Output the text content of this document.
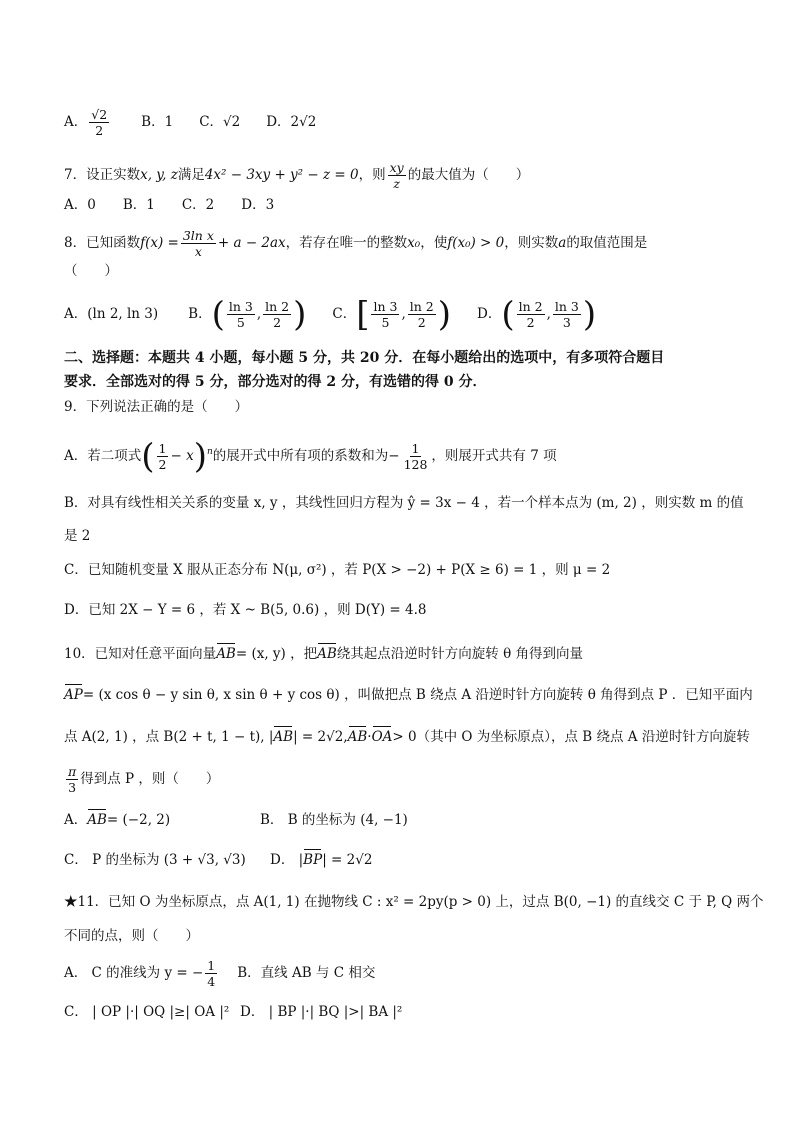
A． $\frac{√2}{2}$ B．1 C．√2 D．2√2
7．设正实数x, y, z满足4x² − 3xy + y² − z = 0，则 $\frac{xy}{z}$ 的最大值为（　　）
A．0　　B．1　　C．2　　D．3
8．已知函数$f(x) = \frac{\text{3ln x}}{x} + a - 2ax$，若存在唯一的整数x₀，使f(x₀) > 0，则实数a的取值范围是
（　　）
A．(ln 2, ln 3) B．( $\frac{\ln 3}{5}$ , $\frac{\ln 2}{2}$ ) C．[ $\frac{\ln 3}{5}$ , $\frac{\ln 2}{2}$ ) D．( $\frac{\ln 2}{2}$ , $\frac{\ln 3}{3}$ )
二、选择题：本题共 4 小题，每小题 5 分，共 20 分．在每小题给出的选项中，有多项符合题目
要求．全部选对的得 5 分，部分选对的得 2 分，有选错的得 0 分．
9．下列说法正确的是（　　）
A．若二项式( $\frac{1}{2} - x)^n$的展开式中所有项的系数和为− $\frac{1}{128}$ ，则展开式共有 7 项
B．对具有线性相关关系的变量 x, y ，其线性回归方程为 ŷ = 3x − 4 ，若一个样本点为 (m, 2) ，则实数 m 的值
是 2
C．已知随机变量 X 服从正态分布 N(μ, σ²) ，若 P(X > −2) + P(X ≥ 6) = 1 ，则 μ = 2
D．已知 2X − Y = 6 ，若 X ~ B(5, 0.6) ，则 D(Y) = 4.8
10．已知对任意平面向量AB= (x, y) ，把AB绕其起点沿逆时针方向旋转 θ 角得到向量
AP= (x cos θ − y sin θ, x sin θ + y cos θ) ，叫做把点 B 绕点 A 沿逆时针方向旋转 θ 角得到点 P ．已知平面内
点 A(2, 1) ，点 B(2 + t, 1 − t), |AB| = 2√2,AB·OA> 0（其中 O 为坐标原点），点 B 绕点 A 沿逆时针方向旋转
$\frac{\pi}{3}$ 得到点 P ，则（　　）
A．AB= (−2, 2)	B． B 的坐标为 (4, −1)
C． P 的坐标为 (3 + √3, √3) D． |BP| = 2√2
★11．已知 O 为坐标原点，点 A(1, 1) 在抛物线 C : x² = 2py(p > 0) 上，过点 B(0, −1) 的直线交 C 于 P, Q 两个
不同的点，则（　　）
A． C 的准线为 y = − $\frac{1}{4}$ B．直线 AB 与 C 相交
C． | OP |·| OQ |≥| OA |² D． | BP |·| BQ |>| BA |²
